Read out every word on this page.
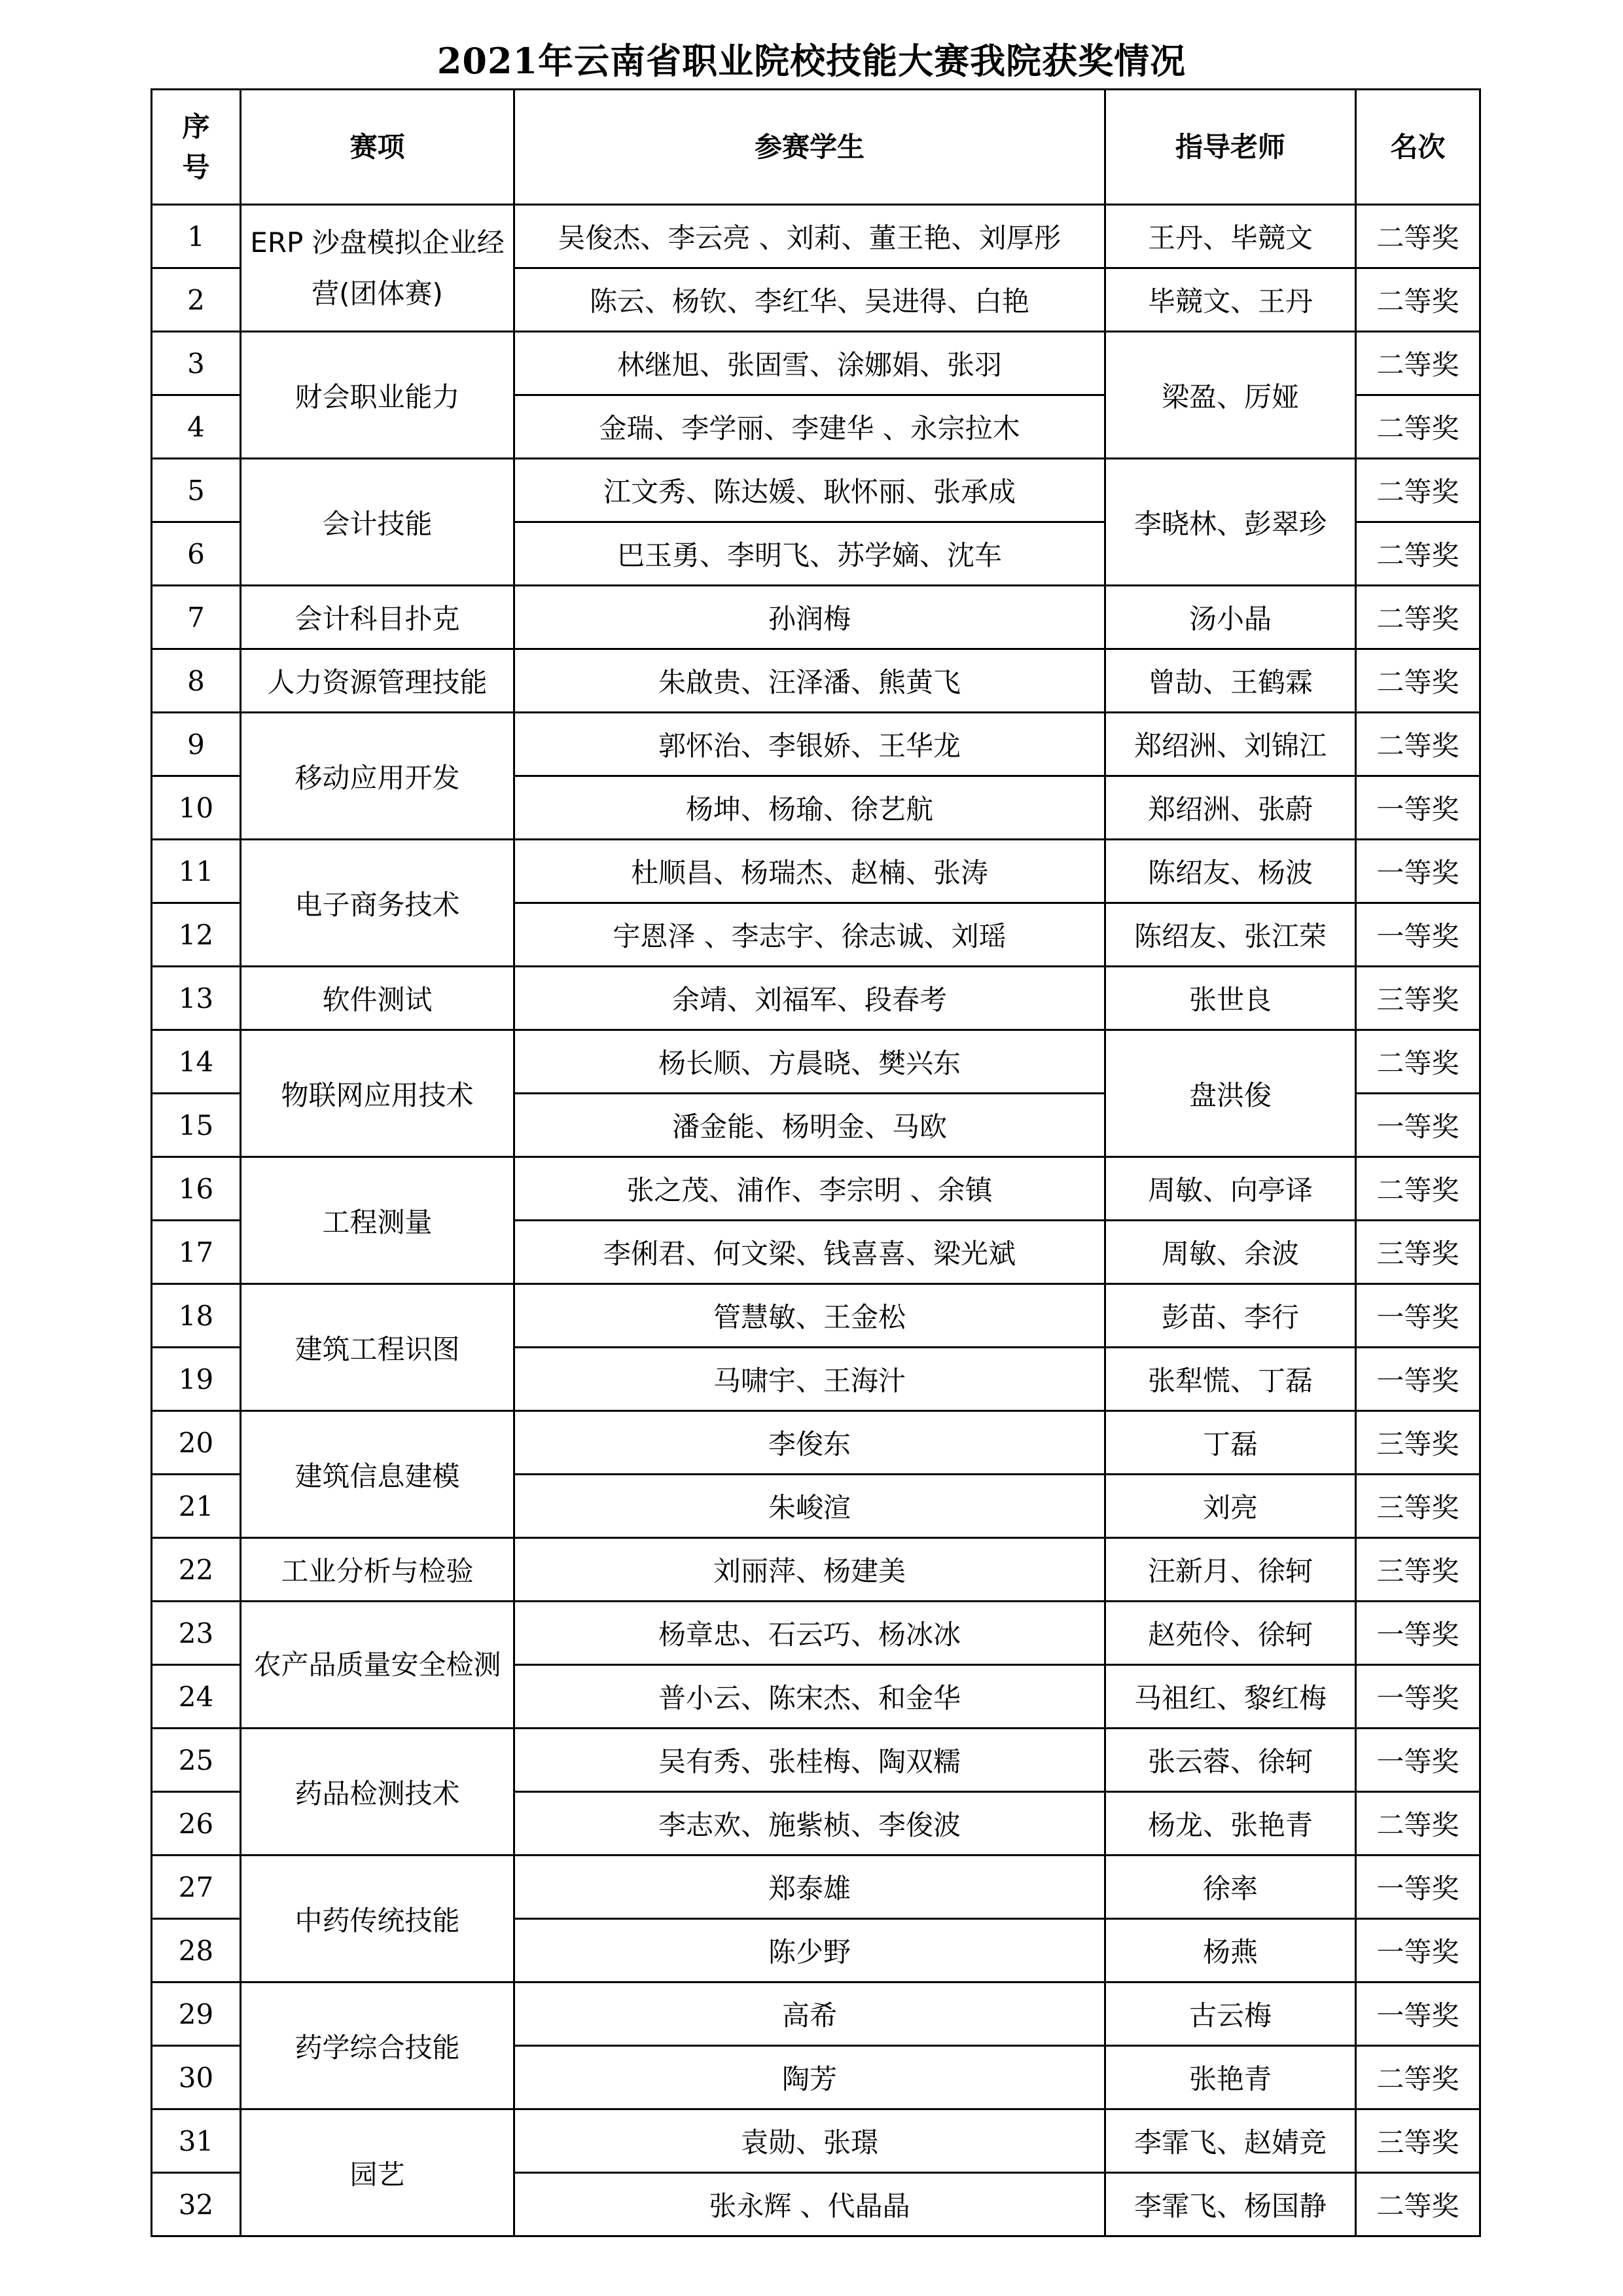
2021年云南省职业院校技能大赛我院获奖情况
序号	赛项	参赛学生	指导老师	名次
1	ERP 沙盘模拟企业经营(团体赛)	吴俊杰、李云亮 、刘莉、董王艳、刘厚彤	王丹、毕競文	二等奖
2		陈云、杨钦、李红华、吴进得、白艳	毕競文、王丹	二等奖
3	财会职业能力	林继旭、张固雪、涂娜娟、张羽	梁盈、厉娅	二等奖
4		金瑞、李学丽、李建华 、永宗拉木		二等奖
5	会计技能	江文秀、陈达媛、耿怀丽、张承成	李晓林、彭翠珍	二等奖
6		巴玉勇、李明飞、苏学嫡、沈车		二等奖
7	会计科目扑克	孙润梅	汤小晶	二等奖
8	人力资源管理技能	朱啟贵、汪泽潘、熊黄飞	曾劼、王鹤霖	二等奖
9	移动应用开发	郭怀治、李银娇、王华龙	郑绍洲、刘锦江	二等奖
10		杨坤、杨瑜、徐艺航	郑绍洲、张蔚	一等奖
11	电子商务技术	杜顺昌、杨瑞杰、赵楠、张涛	陈绍友、杨波	一等奖
12		宇恩泽 、李志宇、徐志诚、刘瑶	陈绍友、张江荣	一等奖
13	软件测试	余靖、刘福军、段春考	张世良	三等奖
14	物联网应用技术	杨长顺、方晨晓、樊兴东	盘洪俊	二等奖
15		潘金能、杨明金、马欧		一等奖
16	工程测量	张之茂、浦作、李宗明 、余镇	周敏、向亭译	二等奖
17		李俐君、何文梁、钱喜喜、梁光斌	周敏、余波	三等奖
18	建筑工程识图	管慧敏、王金松	彭苗、李行	一等奖
19		马啸宇、王海汁	张犁慌、丁磊	一等奖
20	建筑信息建模	李俊东	丁磊	三等奖
21		朱峻渲	刘亮	三等奖
22	工业分析与检验	刘丽萍、杨建美	汪新月、徐轲	三等奖
23	农产品质量安全检测	杨章忠、石云巧、杨冰冰	赵苑伶、徐轲	一等奖
24		普小云、陈宋杰、和金华	马祖红、黎红梅	一等奖
25	药品检测技术	吴有秀、张桂梅、陶双糯	张云蓉、徐轲	一等奖
26		李志欢、施紫桢、李俊波	杨龙、张艳青	二等奖
27	中药传统技能	郑泰雄	徐率	一等奖
28		陈少野	杨燕	一等奖
29	药学综合技能	高希	古云梅	一等奖
30		陶芳	张艳青	二等奖
31	园艺	袁勋、张璟	李霏飞、赵婧竞	三等奖
32		张永辉 、代晶晶	李霏飞、杨国静	二等奖
